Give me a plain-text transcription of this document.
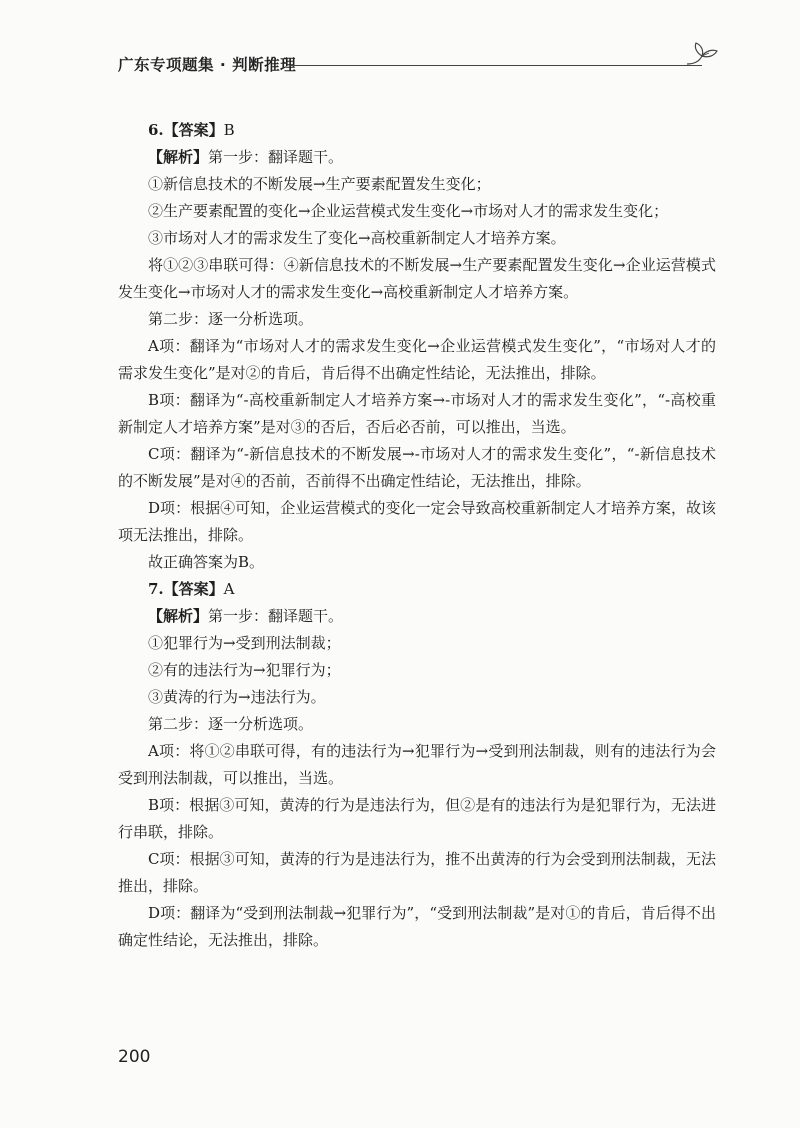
广东专项题集 · 判断推理

6.【答案】B

【解析】第一步：翻译题干。

①新信息技术的不断发展→生产要素配置发生变化；

②生产要素配置的变化→企业运营模式发生变化→市场对人才的需求发生变化；

③市场对人才的需求发生了变化→高校重新制定人才培养方案。

将①②③串联可得：④新信息技术的不断发展→生产要素配置发生变化→企业运营模式发生变化→市场对人才的需求发生变化→高校重新制定人才培养方案。

第二步：逐一分析选项。

A项：翻译为“市场对人才的需求发生变化→企业运营模式发生变化”，“市场对人才的需求发生变化”是对②的肯后，肯后得不出确定性结论，无法推出，排除。

B项：翻译为“-高校重新制定人才培养方案→-市场对人才的需求发生变化”，“-高校重新制定人才培养方案”是对③的否后，否后必否前，可以推出，当选。

C项：翻译为“-新信息技术的不断发展→-市场对人才的需求发生变化”，“-新信息技术的不断发展”是对④的否前，否前得不出确定性结论，无法推出，排除。

D项：根据④可知，企业运营模式的变化一定会导致高校重新制定人才培养方案，故该项无法推出，排除。

故正确答案为B。

7.【答案】A

【解析】第一步：翻译题干。

①犯罪行为→受到刑法制裁；

②有的违法行为→犯罪行为；

③黄涛的行为→违法行为。

第二步：逐一分析选项。

A项：将①②串联可得，有的违法行为→犯罪行为→受到刑法制裁，则有的违法行为会受到刑法制裁，可以推出，当选。

B项：根据③可知，黄涛的行为是违法行为，但②是有的违法行为是犯罪行为，无法进行串联，排除。

C项：根据③可知，黄涛的行为是违法行为，推不出黄涛的行为会受到刑法制裁，无法推出，排除。

D项：翻译为“受到刑法制裁→犯罪行为”，“受到刑法制裁”是对①的肯后，肯后得不出确定性结论，无法推出，排除。

200
